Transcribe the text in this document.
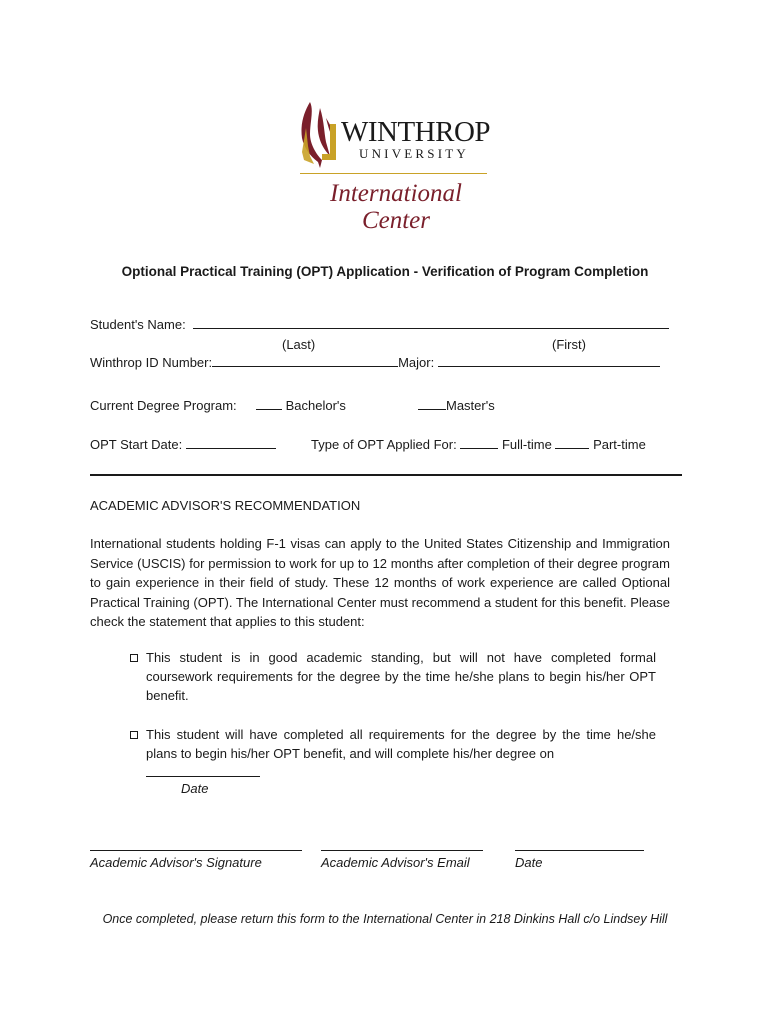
WINTHROP
UNIVERSITY
International
Center
Optional Practical Training (OPT) Application - Verification of Program Completion
Student's Name:
(Last)	(First)
Winthrop ID Number:	Major:
Current Degree Program:	Bachelor's	Master's
OPT Start Date:	Type of OPT Applied For:	Full-time	Part-time
ACADEMIC ADVISOR'S RECOMMENDATION
International students holding F-1 visas can apply to the United States Citizenship and Immigration Service (USCIS) for permission to work for up to 12 months after completion of their degree program to gain experience in their field of study. These 12 months of work experience are called Optional Practical Training (OPT). The International Center must recommend a student for this benefit. Please check the statement that applies to this student:
This student is in good academic standing, but will not have completed formal coursework requirements for the degree by the time he/she plans to begin his/her OPT benefit.
This student will have completed all requirements for the degree by the time he/she plans to begin his/her OPT benefit, and will complete his/her degree on
Date
Academic Advisor's Signature	Academic Advisor's Email	Date
Once completed, please return this form to the International Center in 218 Dinkins Hall c/o Lindsey Hill
